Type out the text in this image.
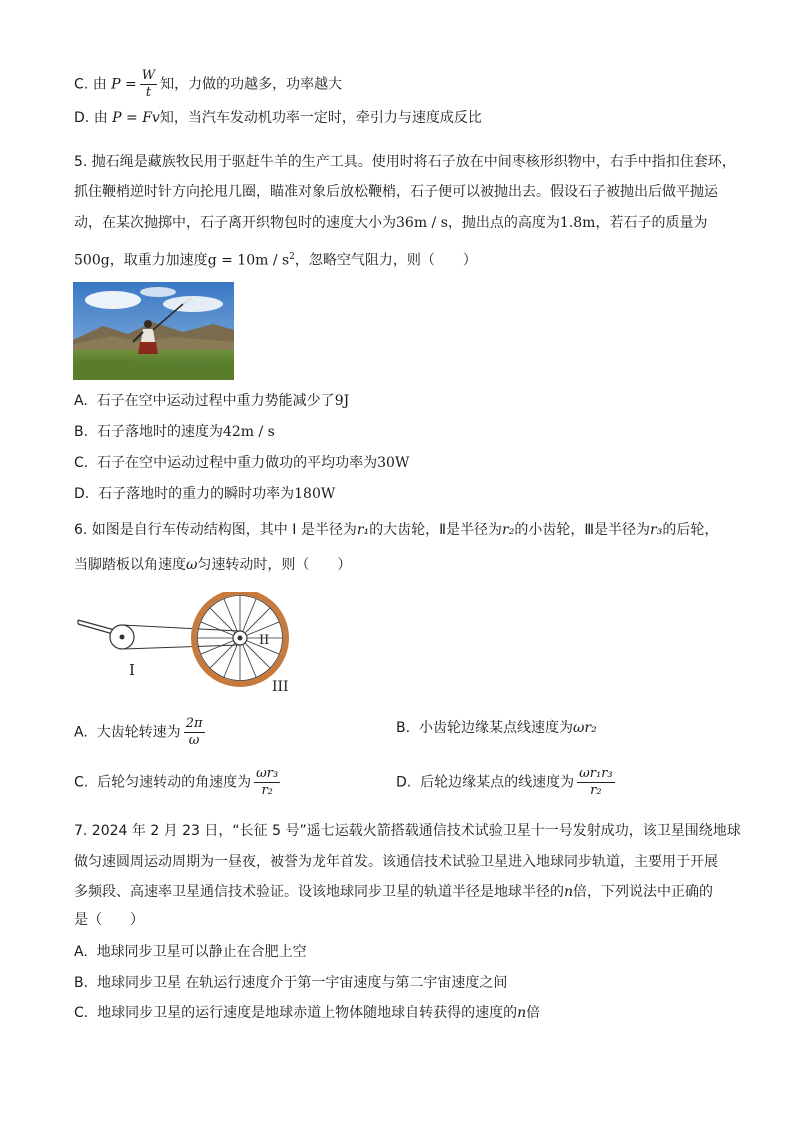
C. 由 $P = \frac{W}{t}$ 知，力做的功越多，功率越大
D. 由 P = Fv知，当汽车发动机功率一定时，牵引力与速度成反比
5. 抛石绳是藏族牧民用于驱赶牛羊的生产工具。使用时将石子放在中间枣核形织物中，右手中指扣住套环，
抓住鞭梢逆时针方向抡甩几圈，瞄准对象后放松鞭梢，石子便可以被抛出去。假设石子被抛出后做平抛运
动，在某次抛掷中，石子离开织物包时的速度大小为36m / s，抛出点的高度为1.8m，若石子的质量为
500g，取重力加速度$g = 10m / s^2$，忽略空气阻力，则（　　）
A. 石子在空中运动过程中重力势能减少了9J
B. 石子落地时的速度为42m / s
C. 石子在空中运动过程中重力做功的平均功率为30W
D. 石子落地时的重力的瞬时功率为180W
6. 如图是自行车传动结构图，其中 I 是半径为r₁的大齿轮，Ⅱ是半径为r₂的小齿轮，Ⅲ是半径为r₃的后轮，
当脚踏板以角速度ω匀速转动时，则（　　）
I
II
III
A. 大齿轮转速为 $\frac{2\pi}{\omega}$	B. 小齿轮边缘某点线速度为ωr₂
C. 后轮匀速转动的角速度为 $\frac{\text{ωr₃}}{\text{r₂}}$	D. 后轮边缘某点的线速度为 $\frac{\text{ωr₁r₃}}{\text{r₂}}$
7. 2024 年 2 月 23 日，“长征 5 号”遥七运载火箭搭载通信技术试验卫星十一号发射成功，该卫星围绕地球
做匀速圆周运动周期为一昼夜，被誉为龙年首发。该通信技术试验卫星进入地球同步轨道，主要用于开展
多频段、高速率卫星通信技术验证。设该地球同步卫星的轨道半径是地球半径的n倍，下列说法中正确的
是（　　）
A. 地球同步卫星可以静止在合肥上空
B. 地球同步卫星 在轨运行速度介于第一宇宙速度与第二宇宙速度之间
C. 地球同步卫星的运行速度是地球赤道上物体随地球自转获得的速度的n倍
